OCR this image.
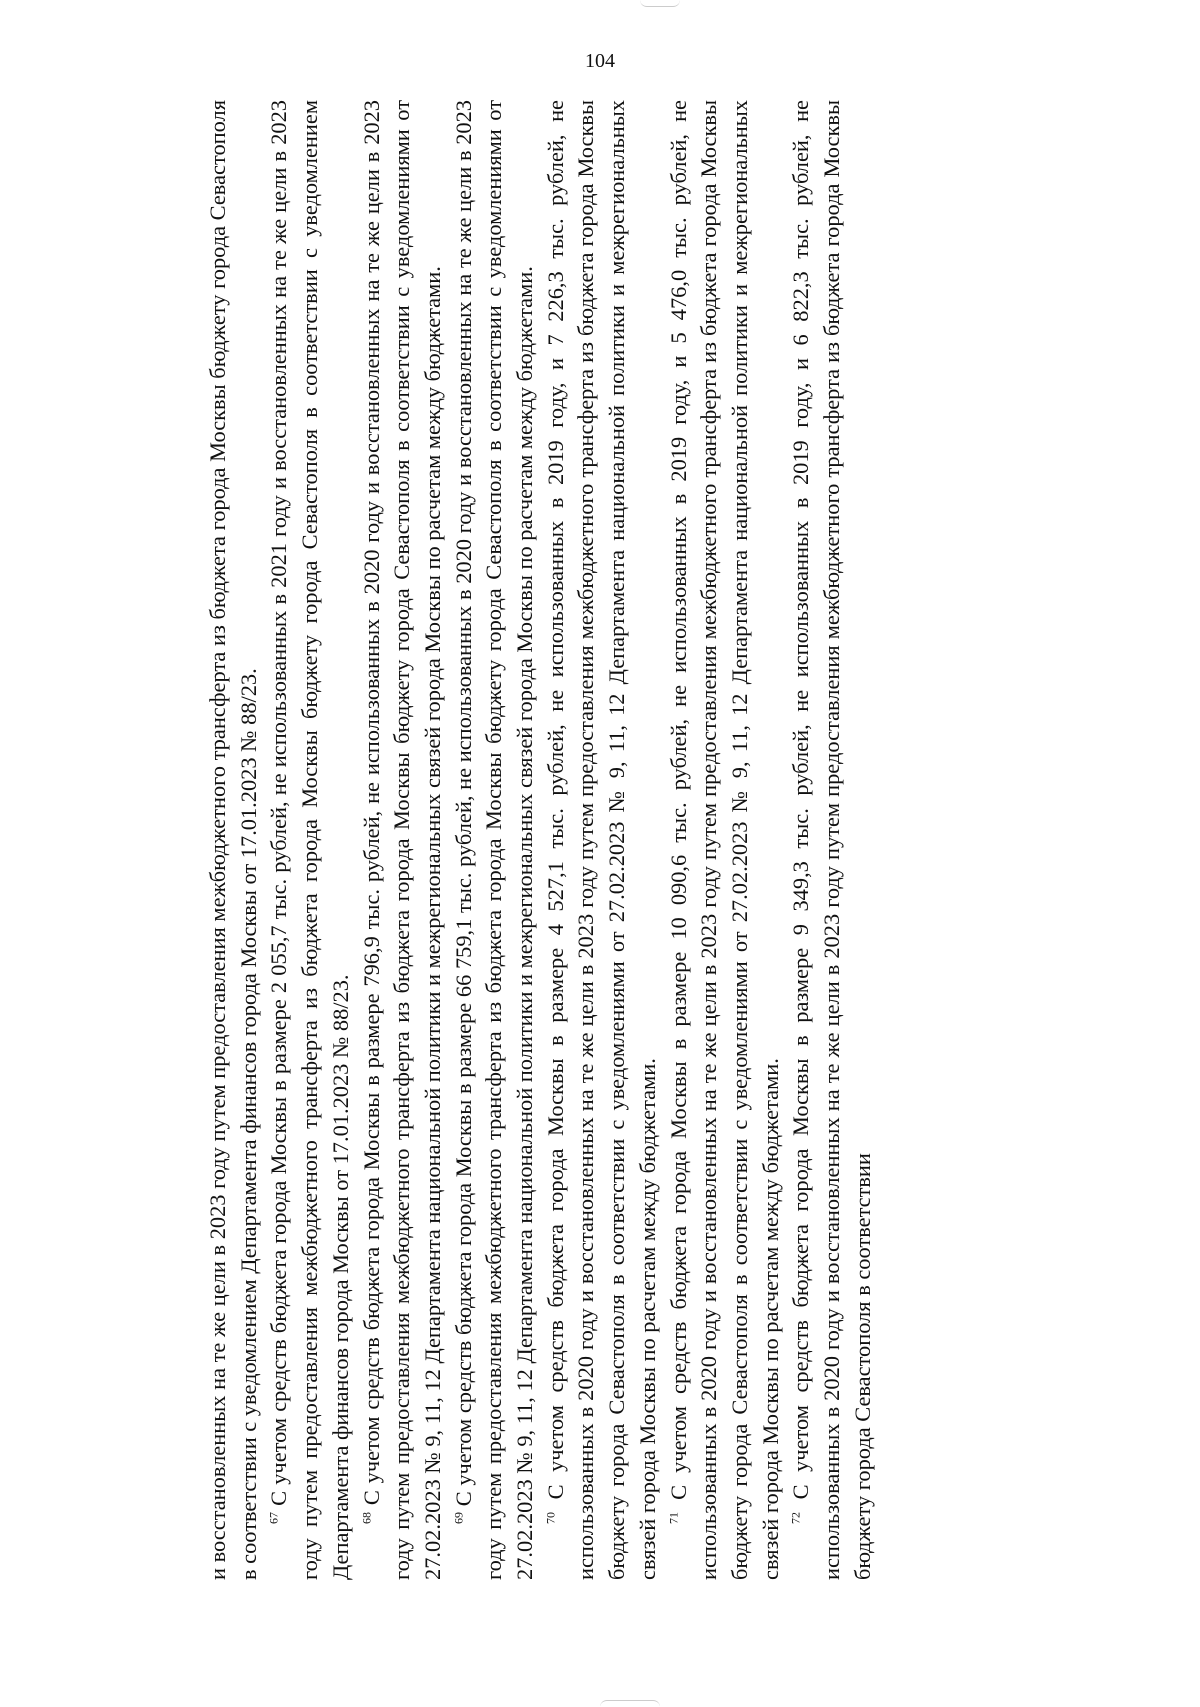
104

и восстановленных на те же цели в 2023 году путем предоставления межбюджетного трансферта из бюджета города Москвы бюджету города Севастополя в соответствии с уведомлением Департамента финансов города Москвы от 17.01.2023 № 88/23. $^{67}$ С учетом средств бюджета города Москвы в размере 2 055,7 тыс. рублей, не использованных в 2021 году и восстановленных на те же цели в 2023 году путем предоставления межбюджетного трансферта из бюджета города Москвы бюджету города Севастополя в соответствии с уведомлением Департамента финансов города Москвы от 17.01.2023 № 88/23. $^{68}$ С учетом средств бюджета города Москвы в размере 796,9 тыс. рублей, не использованных в 2020 году и восстановленных на те же цели в 2023 году путем предоставления межбюджетного трансферта из бюджета города Москвы бюджету города Севастополя в соответствии с уведомлениями от 27.02.2023 № 9, 11, 12 Департамента национальной политики и межрегиональных связей города Москвы по расчетам между бюджетами. $^{69}$ С учетом средств бюджета города Москвы в размере 66 759,1 тыс. рублей, не использованных в 2020 году и восстановленных на те же цели в 2023 году путем предоставления межбюджетного трансферта из бюджета города Москвы бюджету города Севастополя в соответствии с уведомлениями от 27.02.2023 № 9, 11, 12 Департамента национальной политики и межрегиональных связей города Москвы по расчетам между бюджетами. $^{70}$ С учетом средств бюджета города Москвы в размере 4 527,1 тыс. рублей, не использованных в 2019 году, и 7 226,3 тыс. рублей, не использованных в 2020 году и восстановленных на те же цели в 2023 году путем предоставления межбюджетного трансферта из бюджета города Москвы бюджету города Севастополя в соответствии с уведомлениями от 27.02.2023 № 9, 11, 12 Департамента национальной политики и межрегиональных связей города Москвы по расчетам между бюджетами. $^{71}$ С учетом средств бюджета города Москвы в размере 10 090,6 тыс. рублей, не использованных в 2019 году, и 5 476,0 тыс. рублей, не использованных в 2020 году и восстановленных на те же цели в 2023 году путем предоставления межбюджетного трансферта из бюджета города Москвы бюджету города Севастополя в соответствии с уведомлениями от 27.02.2023 № 9, 11, 12 Департамента национальной политики и межрегиональных связей города Москвы по расчетам между бюджетами. $^{72}$ С учетом средств бюджета города Москвы в размере 9 349,3 тыс. рублей, не использованных в 2019 году, и 6 822,3 тыс. рублей, не использованных в 2020 году и восстановленных на те же цели в 2023 году путем предоставления межбюджетного трансферта из бюджета города Москвы бюджету города Севастополя в соответствии
